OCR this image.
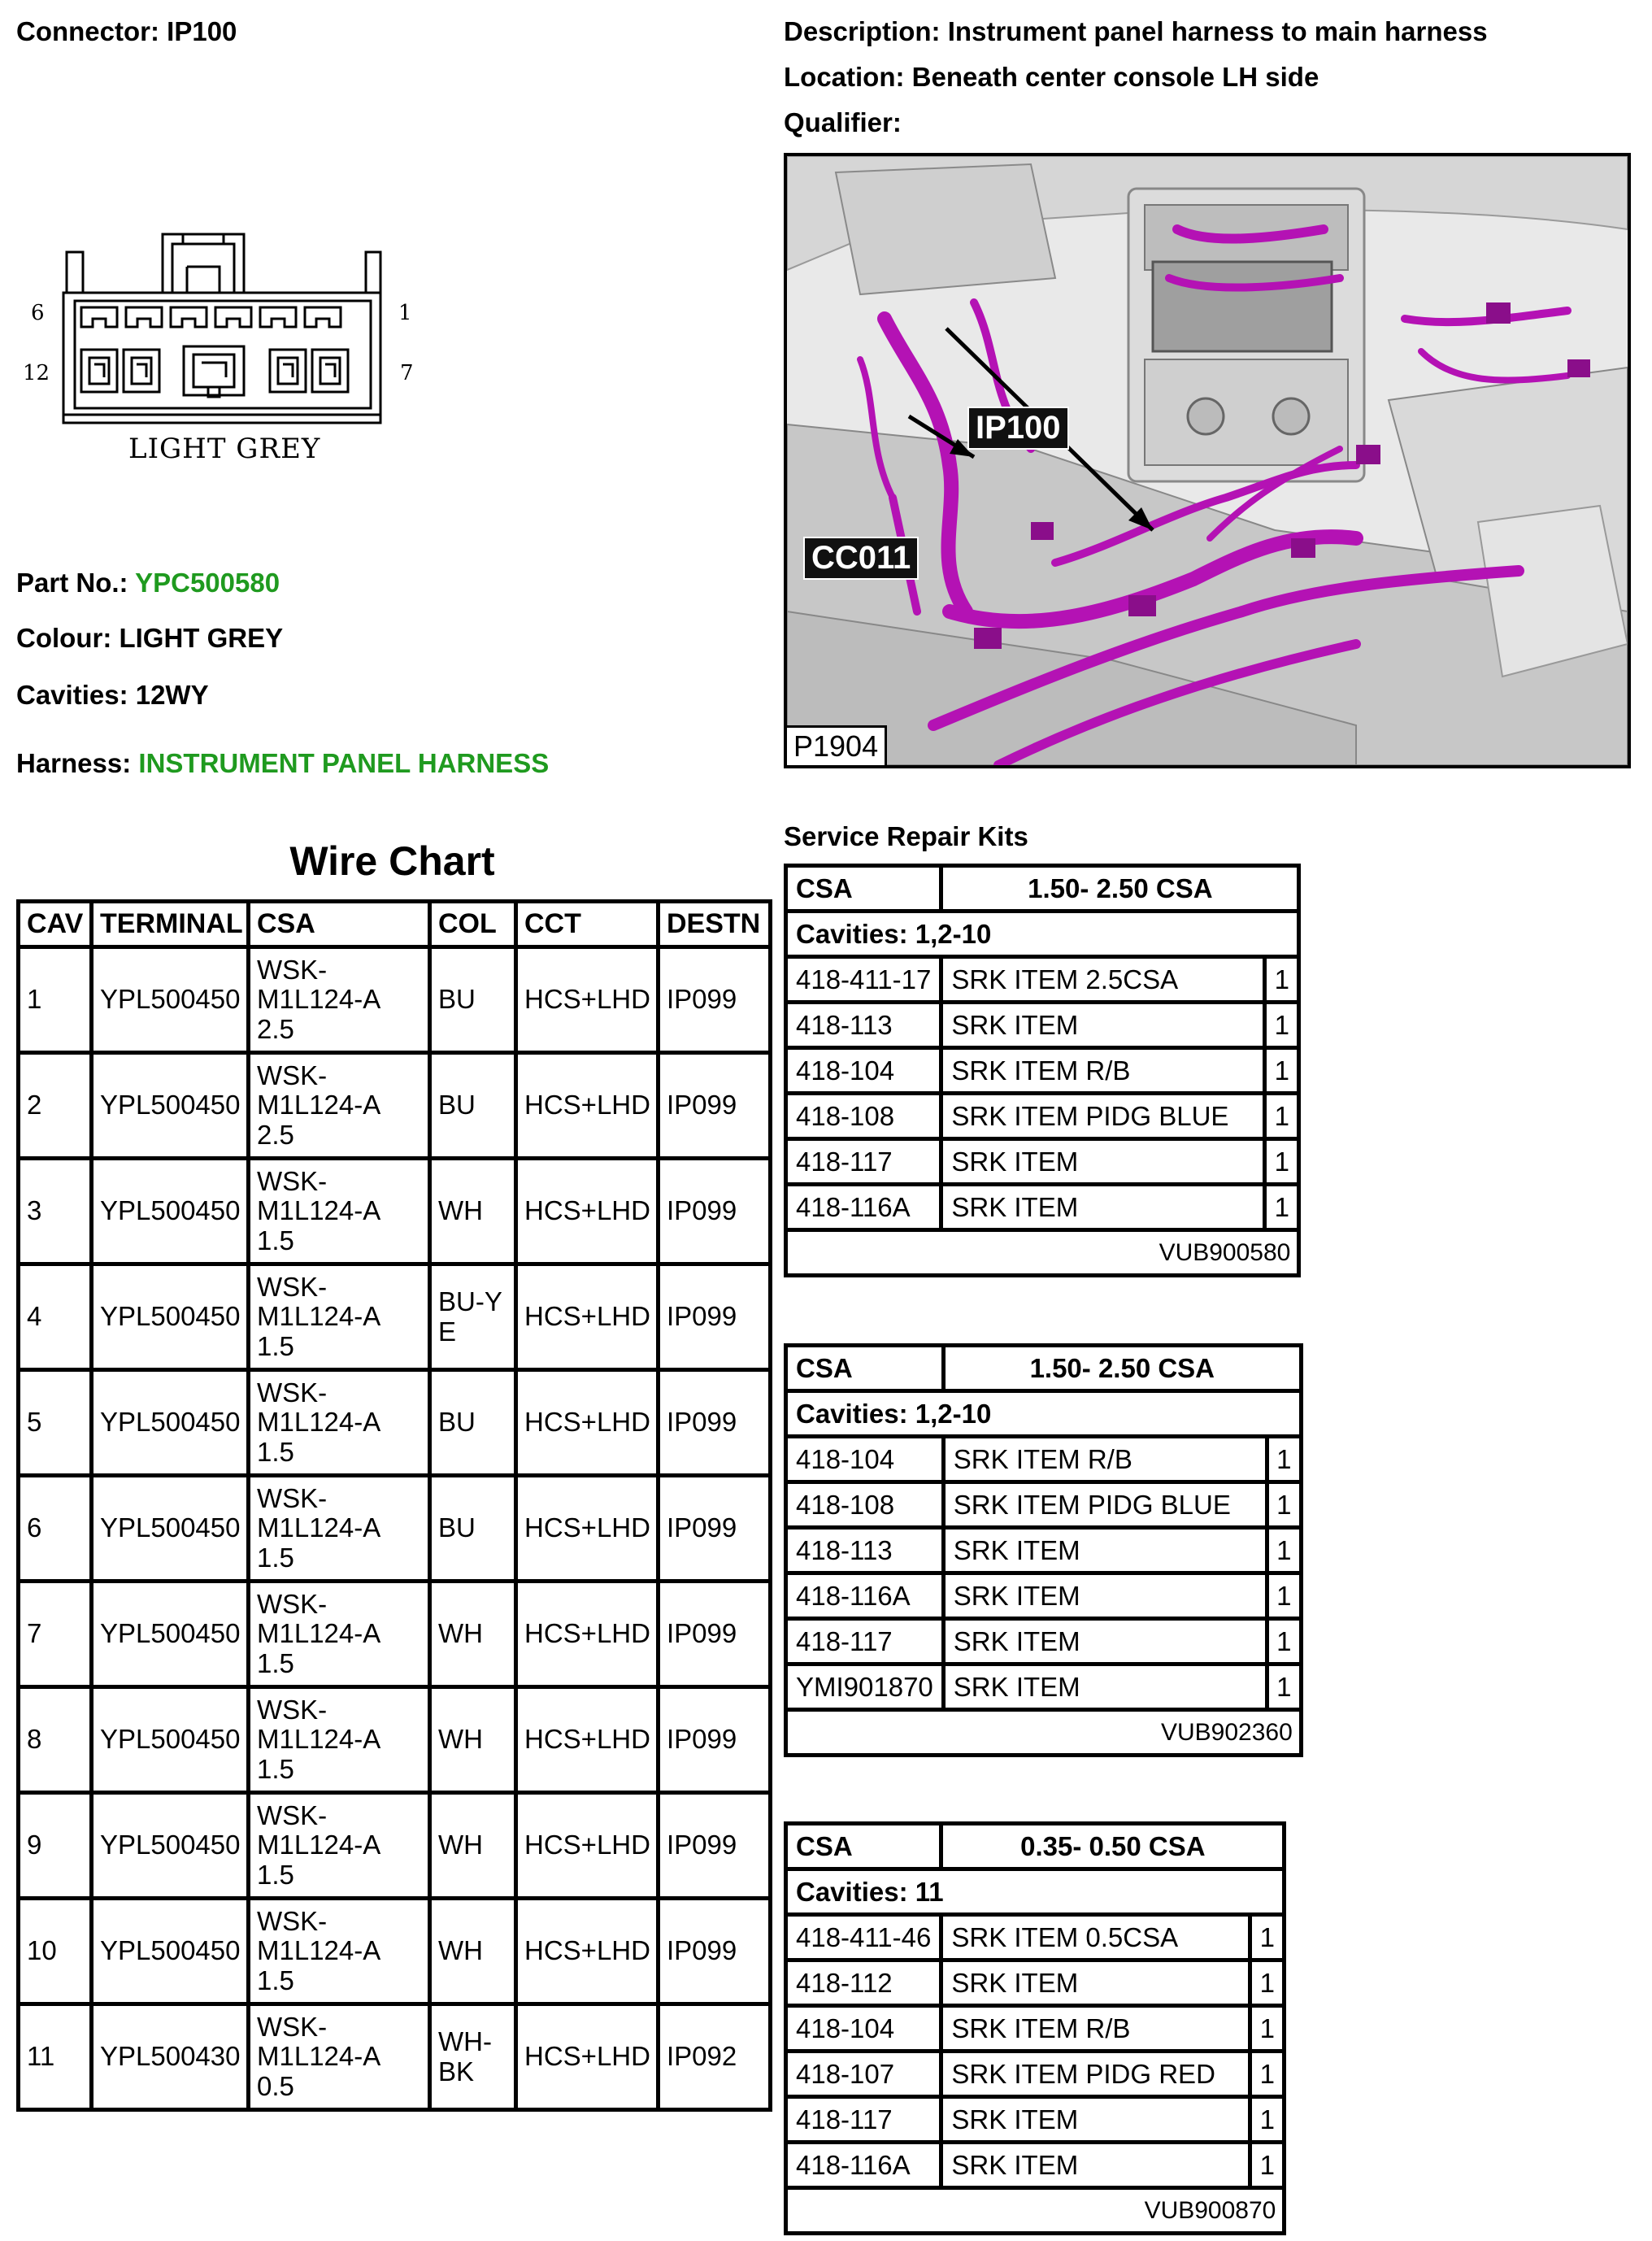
Connector: IP100	Description: Instrument panel harness to main harness
Location: Beneath center console LH side
Qualifier:
6	1
12	7
LIGHT GREY
IP100
CC011
P1904
Part No.: YPC500580
Colour: LIGHT GREY
Cavities: 12WY
Harness: INSTRUMENT PANEL HARNESS
Wire Chart
CAV	TERMINAL	CSA	COL	CCT	DESTN
1	YPL500450	WSK-
M1L124-A
2.5	BU	HCS+LHD	IP099
2	YPL500450	WSK-
M1L124-A
2.5	BU	HCS+LHD	IP099
3	YPL500450	WSK-
M1L124-A
1.5	WH	HCS+LHD	IP099
4	YPL500450	WSK-
M1L124-A
1.5	BU-YE	HCS+LHD	IP099
5	YPL500450	WSK-
M1L124-A
1.5	BU	HCS+LHD	IP099
6	YPL500450	WSK-
M1L124-A
1.5	BU	HCS+LHD	IP099
7	YPL500450	WSK-
M1L124-A
1.5	WH	HCS+LHD	IP099
8	YPL500450	WSK-
M1L124-A
1.5	WH	HCS+LHD	IP099
9	YPL500450	WSK-
M1L124-A
1.5	WH	HCS+LHD	IP099
10	YPL500450	WSK-
M1L124-A
1.5	WH	HCS+LHD	IP099
11	YPL500430	WSK-
M1L124-A
0.5	WH-BK	HCS+LHD	IP092
Service Repair Kits
CSA	1.50- 2.50 CSA	
Cavities: 1,2-10		
418-411-17	SRK ITEM 2.5CSA	1
418-113	SRK ITEM	1
418-104	SRK ITEM R/B	1
418-108	SRK ITEM PIDG BLUE	1
418-117	SRK ITEM	1
418-116A	SRK ITEM	1
VUB900580		
CSA	1.50- 2.50 CSA	
Cavities: 1,2-10		
418-104	SRK ITEM R/B	1
418-108	SRK ITEM PIDG BLUE	1
418-113	SRK ITEM	1
418-116A	SRK ITEM	1
418-117	SRK ITEM	1
YMI901870	SRK ITEM	1
VUB902360		
CSA	0.35- 0.50 CSA	
Cavities: 11		
418-411-46	SRK ITEM 0.5CSA	1
418-112	SRK ITEM	1
418-104	SRK ITEM R/B	1
418-107	SRK ITEM PIDG RED	1
418-117	SRK ITEM	1
418-116A	SRK ITEM	1
VUB900870		
